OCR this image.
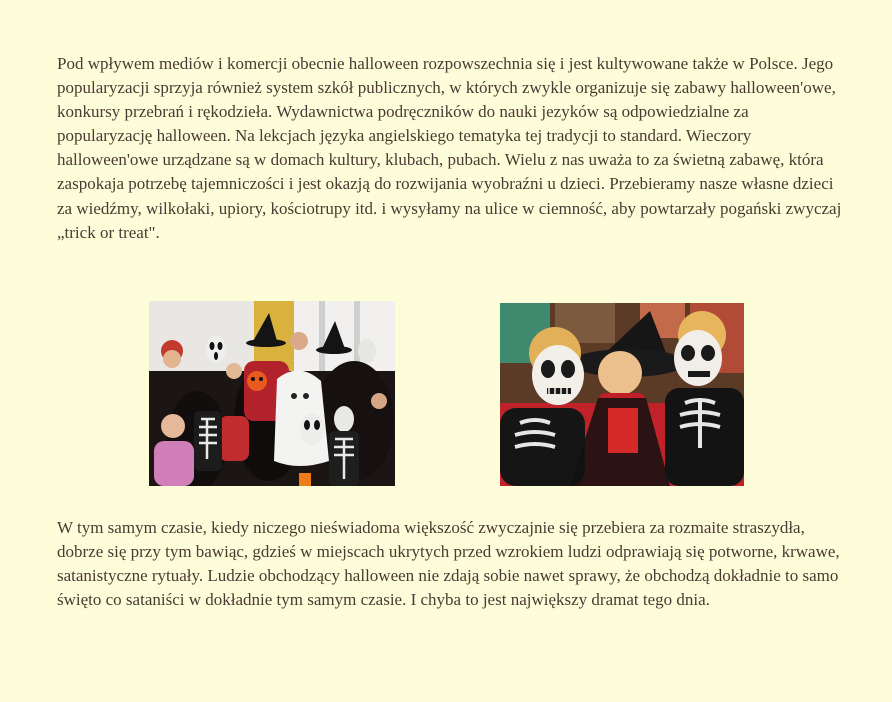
Pod wpływem mediów i komercji obecnie halloween rozpowszechnia się i jest kultywowane także w Polsce. Jego popularyzacji sprzyja również system szkół publicznych, w których zwykle organizuje się zabawy halloween'owe, konkursy przebrań i rękodzieła. Wydawnictwa podręczników do nauki jezyków są odpowiedzialne za popularyzację halloween. Na lekcjach języka angielskiego tematyka tej tradycji to standard. Wieczory halloween'owe urządzane są w domach kultury, klubach, pubach. Wielu z nas uważa to za świetną zabawę, która zaspokaja potrzebę tajemniczości i jest okazją do rozwijania wyobraźni u dzieci. Przebieramy nasze własne dzieci za wiedźmy, wilkołaki, upiory, kościotrupy itd. i wysyłamy na ulice w ciemność, aby powtarzały pogański zwyczaj „trick or treat".

W tym samym czasie, kiedy niczego nieświadoma większość zwyczajnie się przebiera za rozmaite straszydła, dobrze się przy tym bawiąc, gdzieś w miejscach ukrytych przed wzrokiem ludzi odprawiają się potworne, krwawe, satanistyczne rytuały. Ludzie obchodzący halloween nie zdają sobie nawet sprawy, że obchodzą dokładnie to samo święto co sataniści w dokładnie tym samym czasie. I chyba to jest największy dramat tego dnia.
